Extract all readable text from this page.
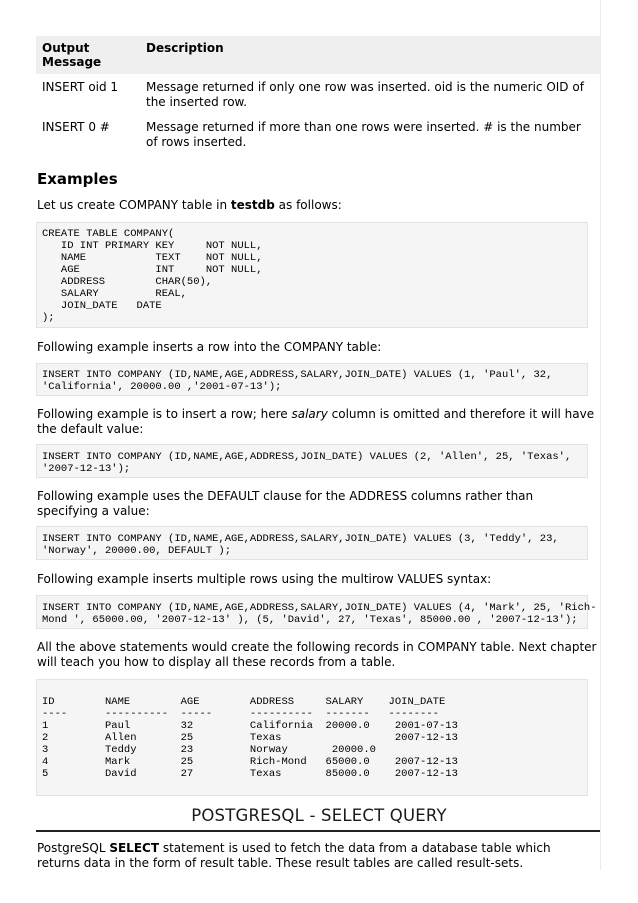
Output Message	Description
INSERT oid 1	Message returned if only one row was inserted. oid is the numeric OID of the inserted row.
INSERT 0 #	Message returned if more than one rows were inserted. # is the number of rows inserted.
Examples

Let us create COMPANY table in testdb as follows:

CREATE TABLE COMPANY(
ID INT PRIMARY KEY     NOT NULL,
NAME           TEXT    NOT NULL,
AGE            INT     NOT NULL,
ADDRESS        CHAR(50),
SALARY         REAL,
JOIN_DATE   DATE
);

Following example inserts a row into the COMPANY table:

INSERT INTO COMPANY (ID,NAME,AGE,ADDRESS,SALARY,JOIN_DATE) VALUES (1, 'Paul', 32,
'California', 20000.00 ,'2001-07-13');

Following example is to insert a row; here salary column is omitted and therefore it will have the default value:

INSERT INTO COMPANY (ID,NAME,AGE,ADDRESS,JOIN_DATE) VALUES (2, 'Allen', 25, 'Texas',
'2007-12-13');

Following example uses the DEFAULT clause for the ADDRESS columns rather than specifying a value:

INSERT INTO COMPANY (ID,NAME,AGE,ADDRESS,SALARY,JOIN_DATE) VALUES (3, 'Teddy', 23,
'Norway', 20000.00, DEFAULT );

Following example inserts multiple rows using the multirow VALUES syntax:

INSERT INTO COMPANY (ID,NAME,AGE,ADDRESS,SALARY,JOIN_DATE) VALUES (4, 'Mark', 25, 'Rich-
Mond ', 65000.00, '2007-12-13' ), (5, 'David', 27, 'Texas', 85000.00 , '2007-12-13');

All the above statements would create the following records in COMPANY table. Next chapter will teach you how to display all these records from a table.

ID        NAME        AGE        ADDRESS     SALARY    JOIN_DATE
----      ----------  -----      ----------  -------   --------
1         Paul        32         California  20000.0    2001-07-13
2         Allen       25         Texas                  2007-12-13
3         Teddy       23         Norway       20000.0
4         Mark        25         Rich-Mond   65000.0    2007-12-13
5         David       27         Texas       85000.0    2007-12-13

POSTGRESQL - SELECT QUERY

PostgreSQL SELECT statement is used to fetch the data from a database table which returns data in the form of result table. These result tables are called result-sets.
